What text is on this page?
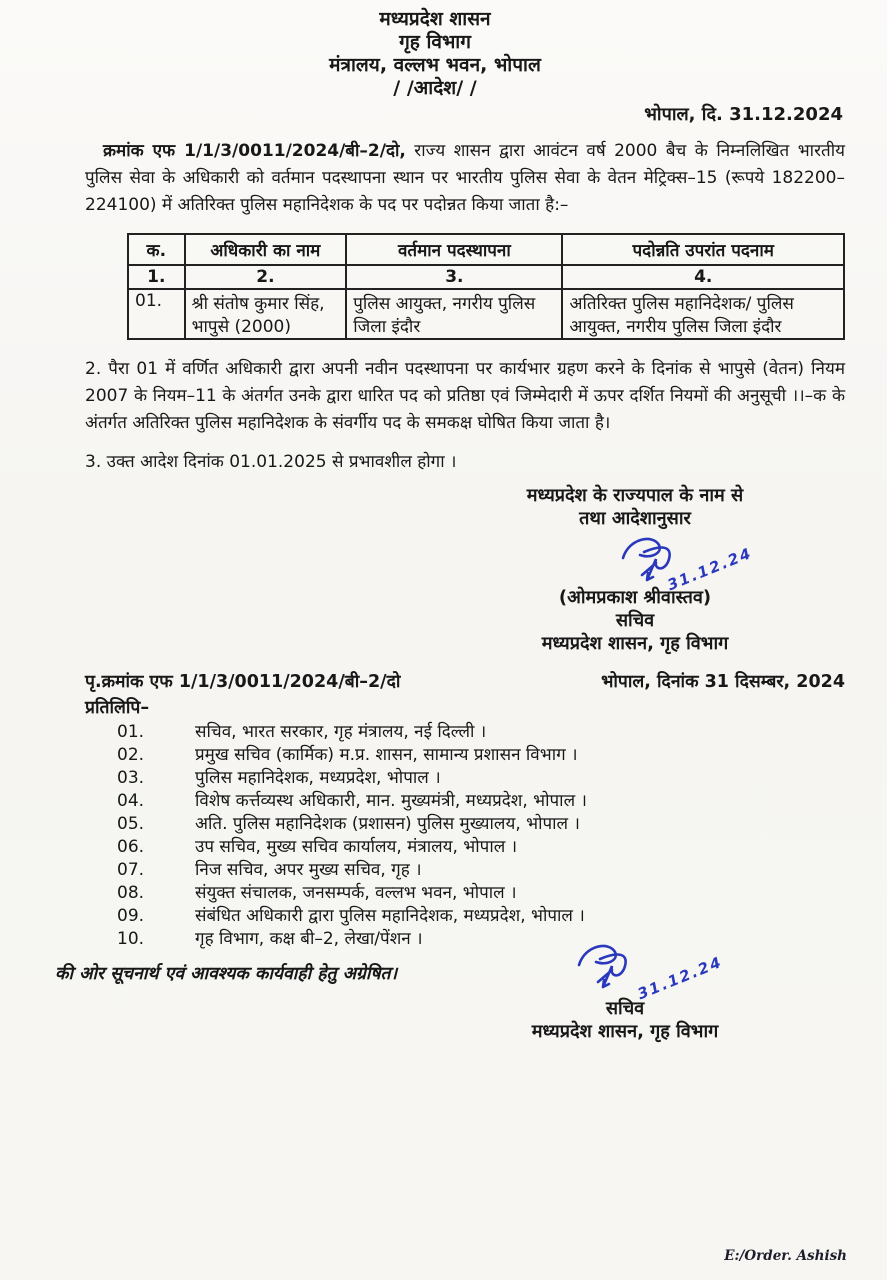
मध्यप्रदेश शासन
गृह विभाग
मंत्रालय, वल्लभ भवन, भोपाल
/ /आदेश/ /
भोपाल, दि. 31.12.2024

क्रमांक एफ 1/1/3/0011/2024/बी–2/दो, राज्य शासन द्वारा आवंटन वर्ष 2000 बैच के निम्नलिखित भारतीय पुलिस सेवा के अधिकारी को वर्तमान पदस्थापना स्थान पर भारतीय पुलिस सेवा के वेतन मेट्रिक्स–15 (रूपये 182200–224100) में अतिरिक्त पुलिस महानिदेशक के पद पर पदोन्नत किया जाता है:–

क.	अधिकारी का नाम	वर्तमान पदस्थापना	पदोन्नति उपरांत पदनाम
1.	2.	3.	4.
01.	श्री संतोष कुमार सिंह, भापुसे (2000)	पुलिस आयुक्त, नगरीय पुलिस जिला इंदौर	अतिरिक्त पुलिस महानिदेशक/ पुलिस आयुक्त, नगरीय पुलिस जिला इंदौर

2. पैरा 01 में वर्णित अधिकारी द्वारा अपनी नवीन पदस्थापना पर कार्यभार ग्रहण करने के दिनांक से भापुसे (वेतन) नियम 2007 के नियम–11 के अंतर्गत उनके द्वारा धारित पद को प्रतिष्ठा एवं जिम्मेदारी में ऊपर दर्शित नियमों की अनुसूची ।।–क के अंतर्गत अतिरिक्त पुलिस महानिदेशक के संवर्गीय पद के समकक्ष घोषित किया जाता है।

3. उक्त आदेश दिनांक 01.01.2025 से प्रभावशील होगा ।

मध्यप्रदेश के राज्यपाल के नाम से
तथा आदेशानुसार
31.12.24
(ओमप्रकाश श्रीवास्तव)
सचिव
मध्यप्रदेश शासन, गृह विभाग
पृ.क्रमांक एफ 1/1/3/0011/2024/बी–2/दो	भोपाल, दिनांक 31 दिसम्बर, 2024
प्रतिलिपि–
01.	सचिव, भारत सरकार, गृह मंत्रालय, नई दिल्ली ।
02.	प्रमुख सचिव (कार्मिक) म.प्र. शासन, सामान्य प्रशासन विभाग ।
03.	पुलिस महानिदेशक, मध्यप्रदेश, भोपाल ।
04.	विशेष कर्त्तव्यस्थ अधिकारी, मान. मुख्यमंत्री, मध्यप्रदेश, भोपाल ।
05.	अति. पुलिस महानिदेशक (प्रशासन) पुलिस मुख्यालय, भोपाल ।
06.	उप सचिव, मुख्य सचिव कार्यालय, मंत्रालय, भोपाल ।
07.	निज सचिव, अपर मुख्य सचिव, गृह ।
08.	संयुक्त संचालक, जनसम्पर्क, वल्लभ भवन, भोपाल ।
09.	संबंधित अधिकारी द्वारा पुलिस महानिदेशक, मध्यप्रदेश, भोपाल ।
10.	गृह विभाग, कक्ष बी–2, लेखा/पेंशन ।
की ओर सूचनार्थ एवं आवश्यक कार्यवाही हेतु अग्रेषित।	31.12.24
सचिव
मध्यप्रदेश शासन, गृह विभाग
E:/Order. Ashish
